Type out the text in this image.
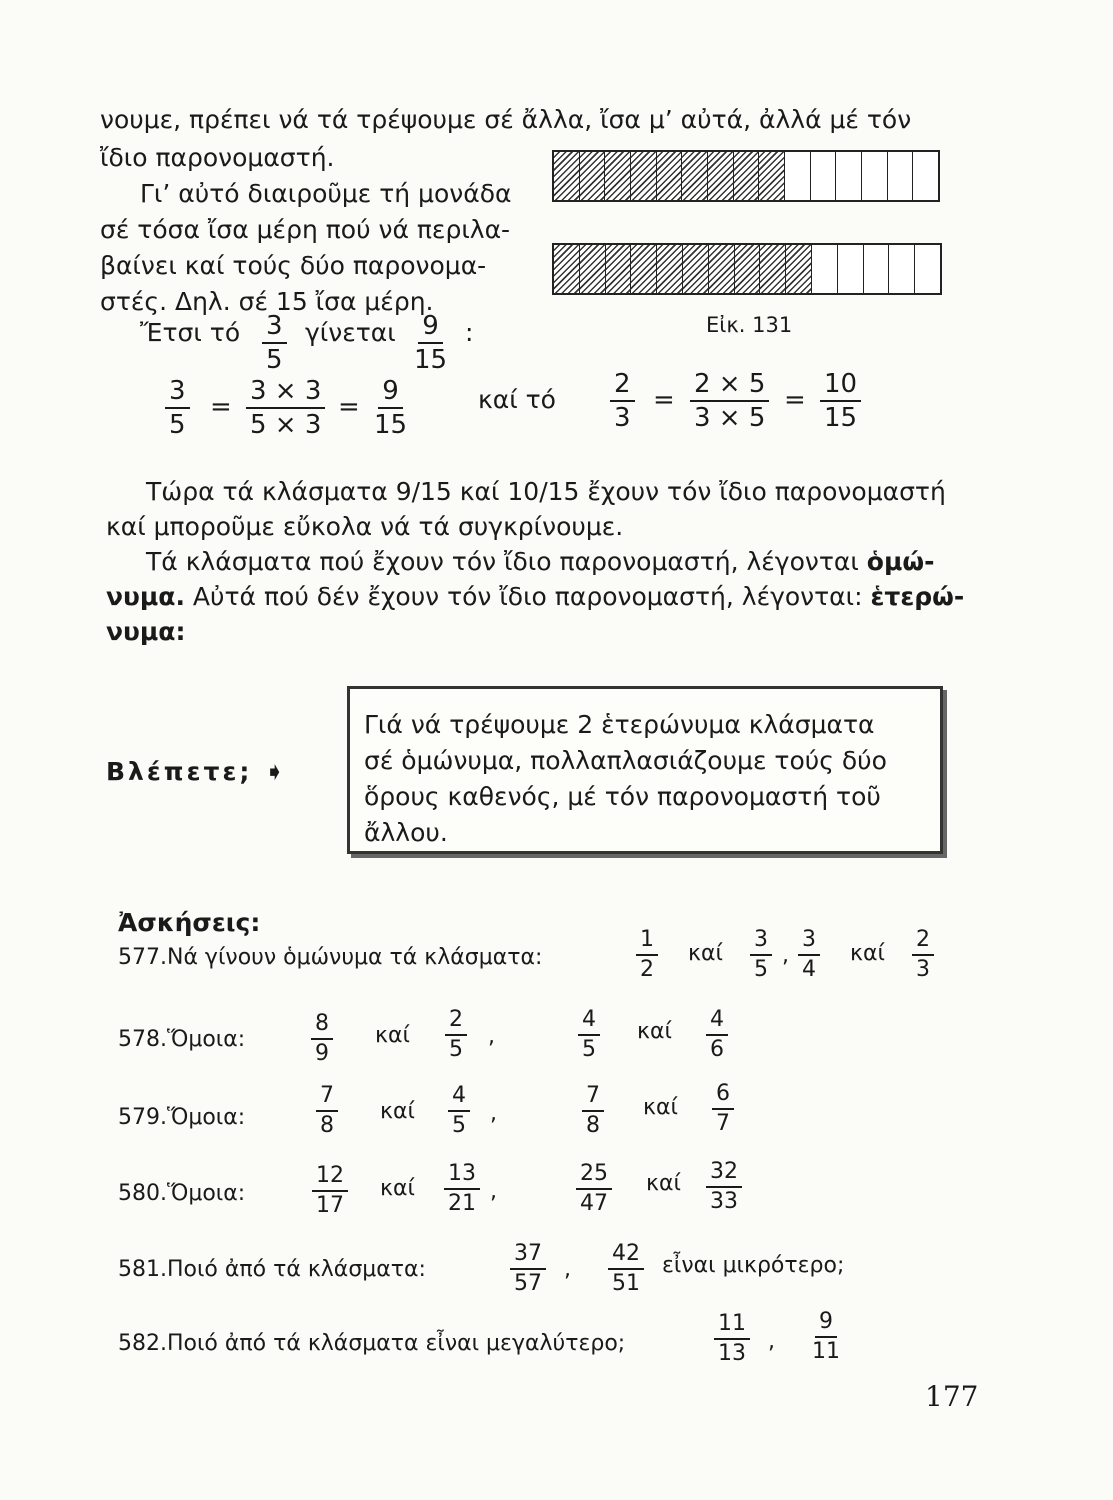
νουμε, πρέπει νά τά τρέψουμε σέ ἄλλα, ἴσα μ’ αὐτά, ἀλλά μέ τόν
ἴδιο παρονομαστή.
Γι’ αὐτό διαιροῦμε τή μονάδα
σέ τόσα ἴσα μέρη πού νά περιλα-
βαίνει καί τούς δύο παρονομα-
στές. Δηλ. σέ 15 ἴσα μέρη.
Εἰκ. 131
Ἔτσι τό $\frac{3}{5}$ γίνεται $\frac{9}{15}$ :
$\frac{3}{5} = \frac{3 \times 3}{5 \times 3} = \frac{9}{15}$	καί τό $\frac{2}{3} = \frac{2 \times 5}{3 \times 5} = \frac{10}{15}$
Τώρα τά κλάσματα 9/15 καί 10/15 ἔχουν τόν ἴδιο παρονομαστή
καί μποροῦμε εὔκολα νά τά συγκρίνουμε.
Τά κλάσματα πού ἔχουν τόν ἴδιο παρονομαστή, λέγονται ὁμώ-
νυμα. Αὐτά πού δέν ἔχουν τόν ἴδιο παρονομαστή, λέγονται: ἑτερώ-
νυμα:
Βλέπετε; ➧
Γιά νά τρέψουμε 2 ἑτερώνυμα κλάσματα
σέ ὁμώνυμα, πολλαπλασιάζουμε τούς δύο
ὅρους καθενός, μέ τόν παρονομαστή τοῦ
ἄλλου.
Ἀσκήσεις:
577.Νά γίνουν ὁμώνυμα τά κλάσματα:	$\frac{1}{2}$ καί $\frac{3}{5}$ , $\frac{3}{4}$ καί $\frac{2}{3}$
578.Ὅμοια:	$\frac{8}{9}$ καί $\frac{2}{5}$ ,	$\frac{4}{5}$ καί $\frac{4}{6}$
579.Ὅμοια:	$\frac{7}{8}$ καί $\frac{4}{5}$ ,	$\frac{7}{8}$ καί $\frac{6}{7}$
580.Ὅμοια:	$\frac{12}{17}$ καί $\frac{13}{21}$ ,	$\frac{25}{47}$ καί $\frac{32}{33}$
581.Ποιό ἀπό τά κλάσματα:	$\frac{37}{57}$ , $\frac{42}{51}$ εἶναι μικρότερο;
582.Ποιό ἀπό τά κλάσματα εἶναι μεγαλύτερο;	$\frac{11}{13}$ , $\frac{9}{11}$
177
